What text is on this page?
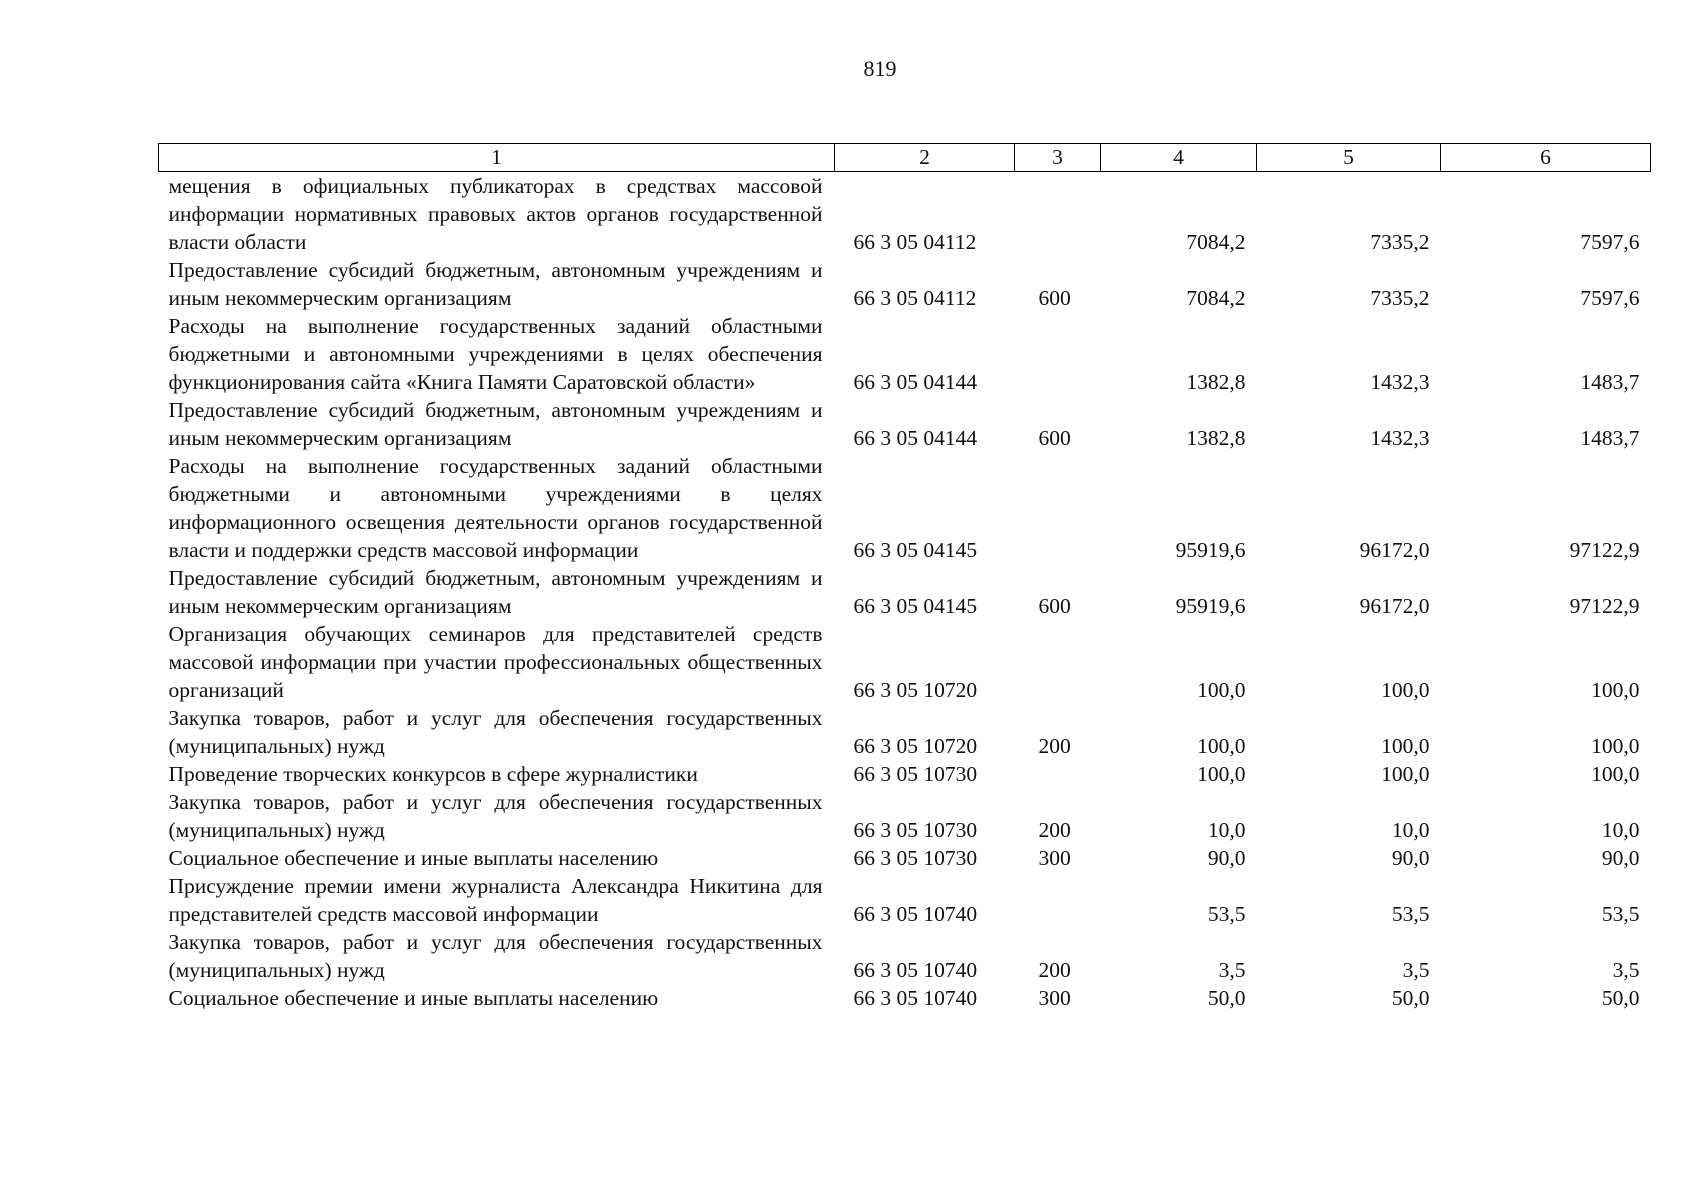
819
1	2	3	4	5	6
мещения в официальных публикаторах в средствах массовой информации нормативных правовых актов органов государственной власти области	66 3 05 04112		7084,2	7335,2	7597,6
Предоставление субсидий бюджетным, автономным учреждениям и иным некоммерческим организациям	66 3 05 04112	600	7084,2	7335,2	7597,6
Расходы на выполнение государственных заданий областными бюджетными и автономными учреждениями в целях обеспечения функционирования сайта «Книга Памяти Саратовской области»	66 3 05 04144		1382,8	1432,3	1483,7
Предоставление субсидий бюджетным, автономным учреждениям и иным некоммерческим организациям	66 3 05 04144	600	1382,8	1432,3	1483,7
Расходы на выполнение государственных заданий областными бюджетными и автономными учреждениями в целях информационного освещения деятельности органов государственной власти и поддержки средств массовой информации	66 3 05 04145		95919,6	96172,0	97122,9
Предоставление субсидий бюджетным, автономным учреждениям и иным некоммерческим организациям	66 3 05 04145	600	95919,6	96172,0	97122,9
Организация обучающих семинаров для представителей средств массовой информации при участии профессиональных общественных организаций	66 3 05 10720		100,0	100,0	100,0
Закупка товаров, работ и услуг для обеспечения государственных (муниципальных) нужд	66 3 05 10720	200	100,0	100,0	100,0
Проведение творческих конкурсов в сфере журналистики	66 3 05 10730		100,0	100,0	100,0
Закупка товаров, работ и услуг для обеспечения государственных (муниципальных) нужд	66 3 05 10730	200	10,0	10,0	10,0
Социальное обеспечение и иные выплаты населению	66 3 05 10730	300	90,0	90,0	90,0
Присуждение премии имени журналиста Александра Никитина для представителей средств массовой информации	66 3 05 10740		53,5	53,5	53,5
Закупка товаров, работ и услуг для обеспечения государственных (муниципальных) нужд	66 3 05 10740	200	3,5	3,5	3,5
Социальное обеспечение и иные выплаты населению	66 3 05 10740	300	50,0	50,0	50,0
